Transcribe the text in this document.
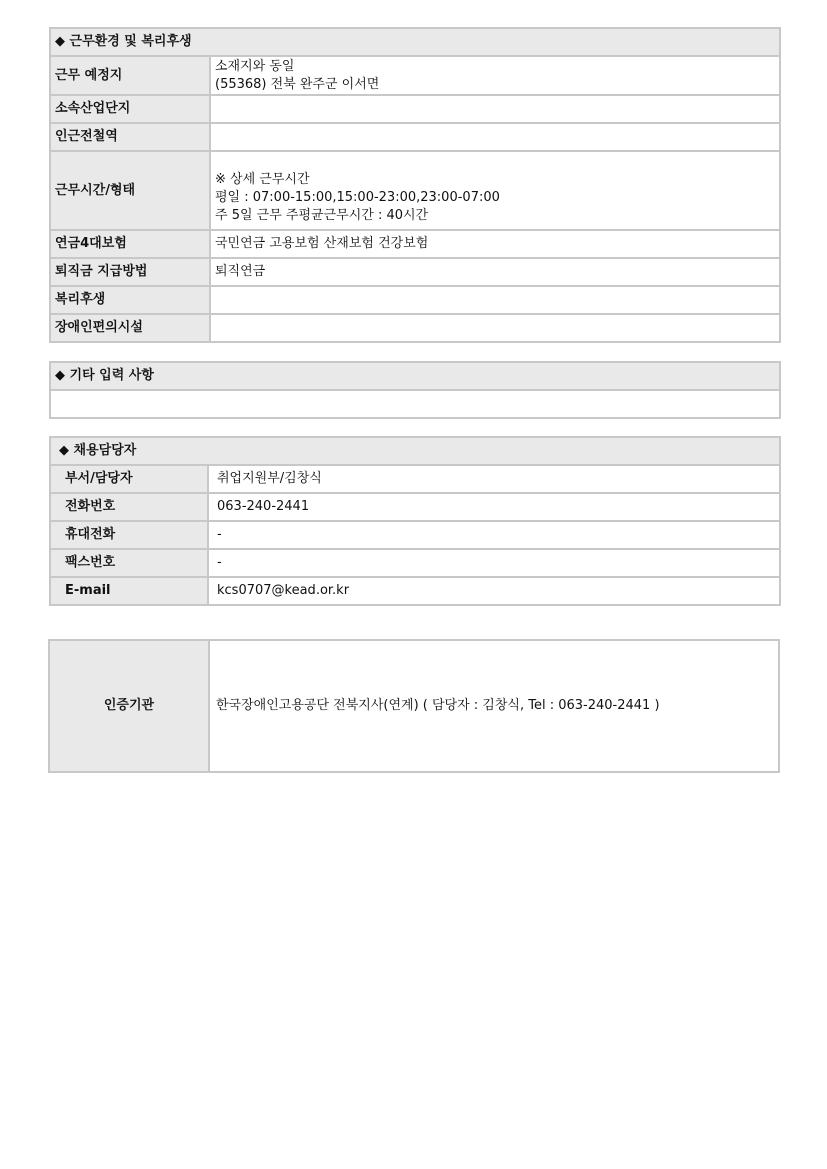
◆ 근무환경 및 복리후생	
근무 예정지	소재지와 동일
(55368) 전북 완주군 이서면

소속산업단지	
인근전철역	
근무시간/형태	※ 상세 근무시간
평일 : 07:00-15:00,15:00-23:00,23:00-07:00
주 5일 근무 주평균근무시간 : 40시간

연금4대보험	국민연금 고용보험 산재보험 건강보험
퇴직금 지급방법	퇴직연금
복리후생	
장애인편의시설	
◆ 기타 입력 사항

◆ 채용담당자	
부서/담당자	취업지원부/김창식
전화번호	063-240-2441
휴대전화	-
팩스번호	-
E-mail	kcs0707@kead.or.kr
인증기관	한국장애인고용공단 전북지사(연계) ( 담당자 : 김창식, Tel : 063-240-2441 )
